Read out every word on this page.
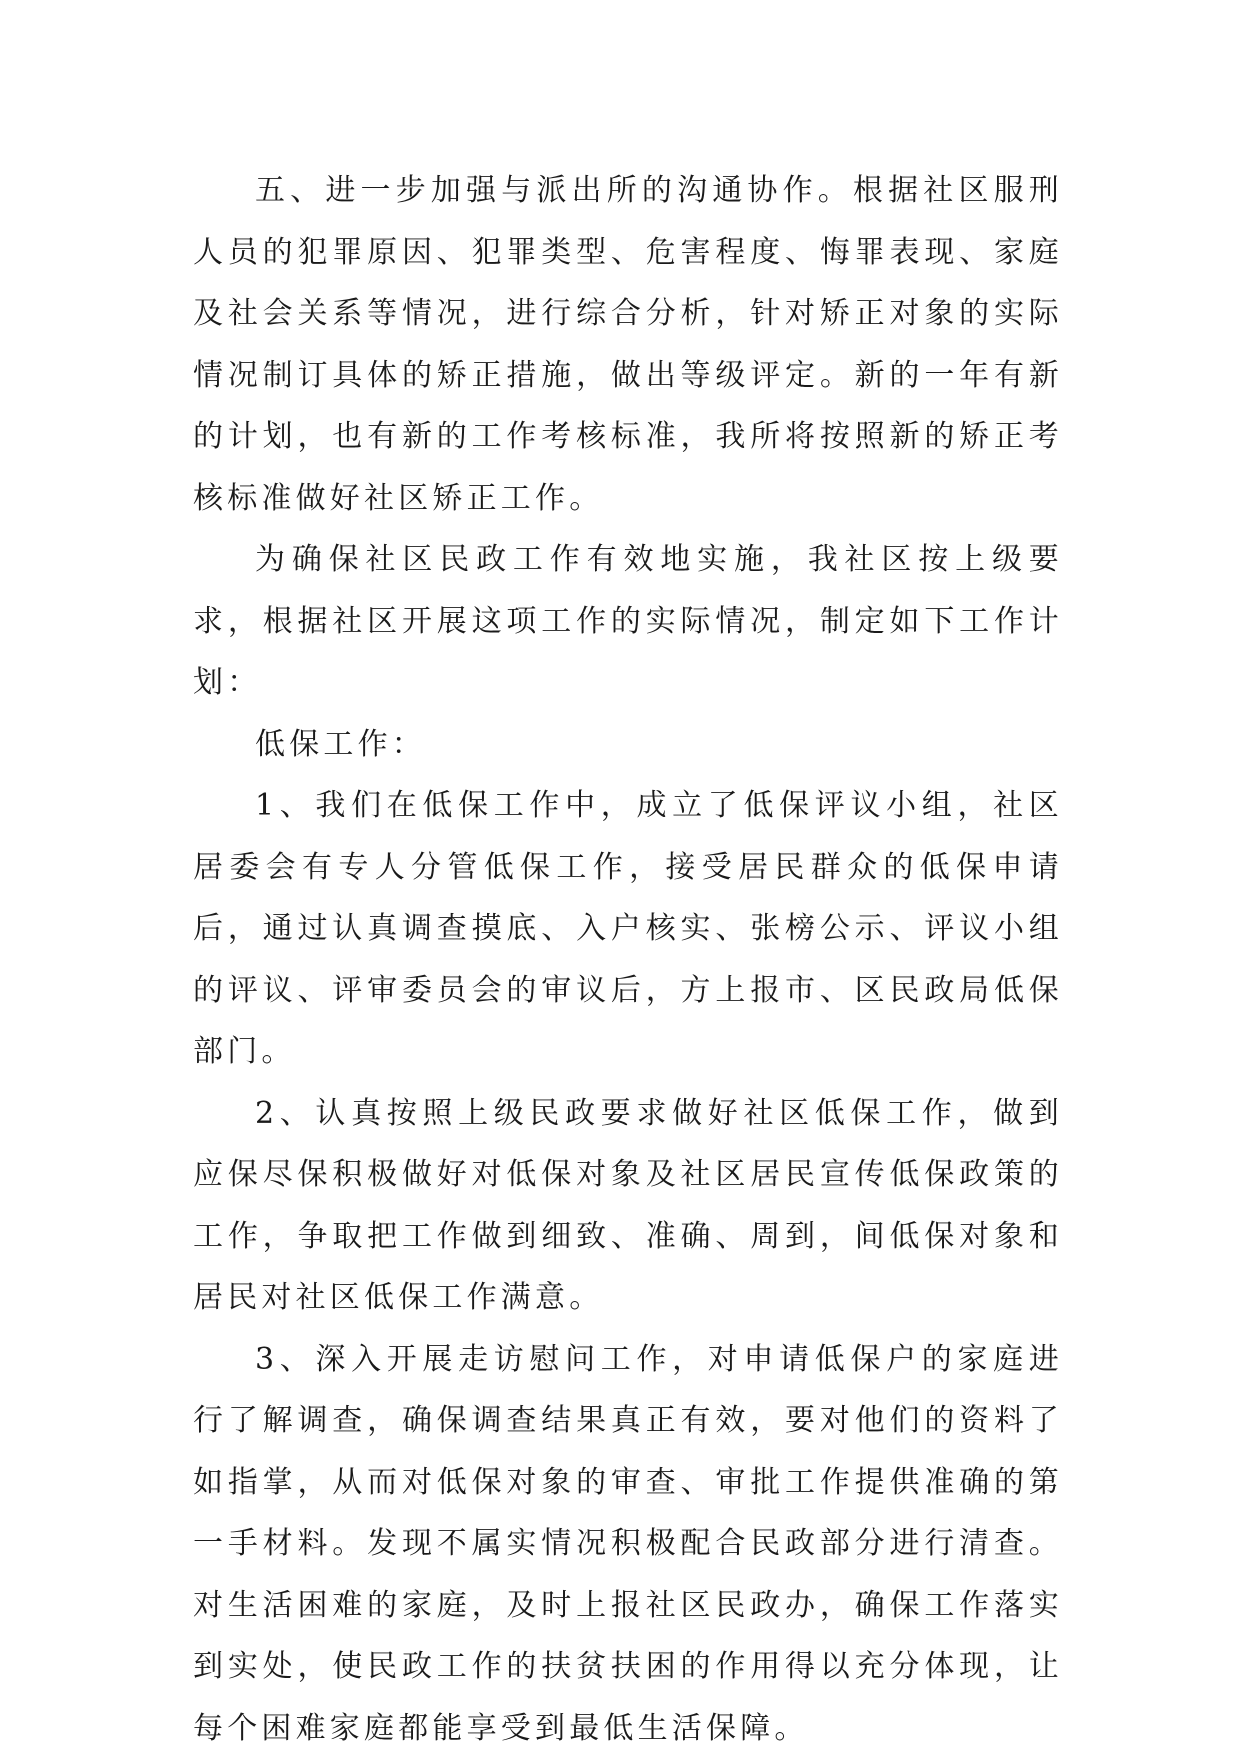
五、进一步加强与派出所的沟通协作。根据社区服刑人员的犯罪原因、犯罪类型、危害程度、悔罪表现、家庭及社会关系等情况，进行综合分析，针对矫正对象的实际情况制订具体的矫正措施，做出等级评定。新的一年有新的计划，也有新的工作考核标准，我所将按照新的矫正考核标准做好社区矫正工作。

为确保社区民政工作有效地实施，我社区按上级要求，根据社区开展这项工作的实际情况，制定如下工作计划：

低保工作：

1、我们在低保工作中，成立了低保评议小组，社区居委会有专人分管低保工作，接受居民群众的低保申请后，通过认真调查摸底、入户核实、张榜公示、评议小组的评议、评审委员会的审议后，方上报市、区民政局低保部门。

2、认真按照上级民政要求做好社区低保工作，做到应保尽保积极做好对低保对象及社区居民宣传低保政策的工作，争取把工作做到细致、准确、周到，间低保对象和居民对社区低保工作满意。

3、深入开展走访慰问工作，对申请低保户的家庭进行了解调查，确保调查结果真正有效，要对他们的资料了如指掌，从而对低保对象的审查、审批工作提供准确的第一手材料。发现不属实情况积极配合民政部分进行清查。对生活困难的家庭，及时上报社区民政办，确保工作落实到实处，使民政工作的扶贫扶困的作用得以充分体现，让每个困难家庭都能享受到最低生活保障。
